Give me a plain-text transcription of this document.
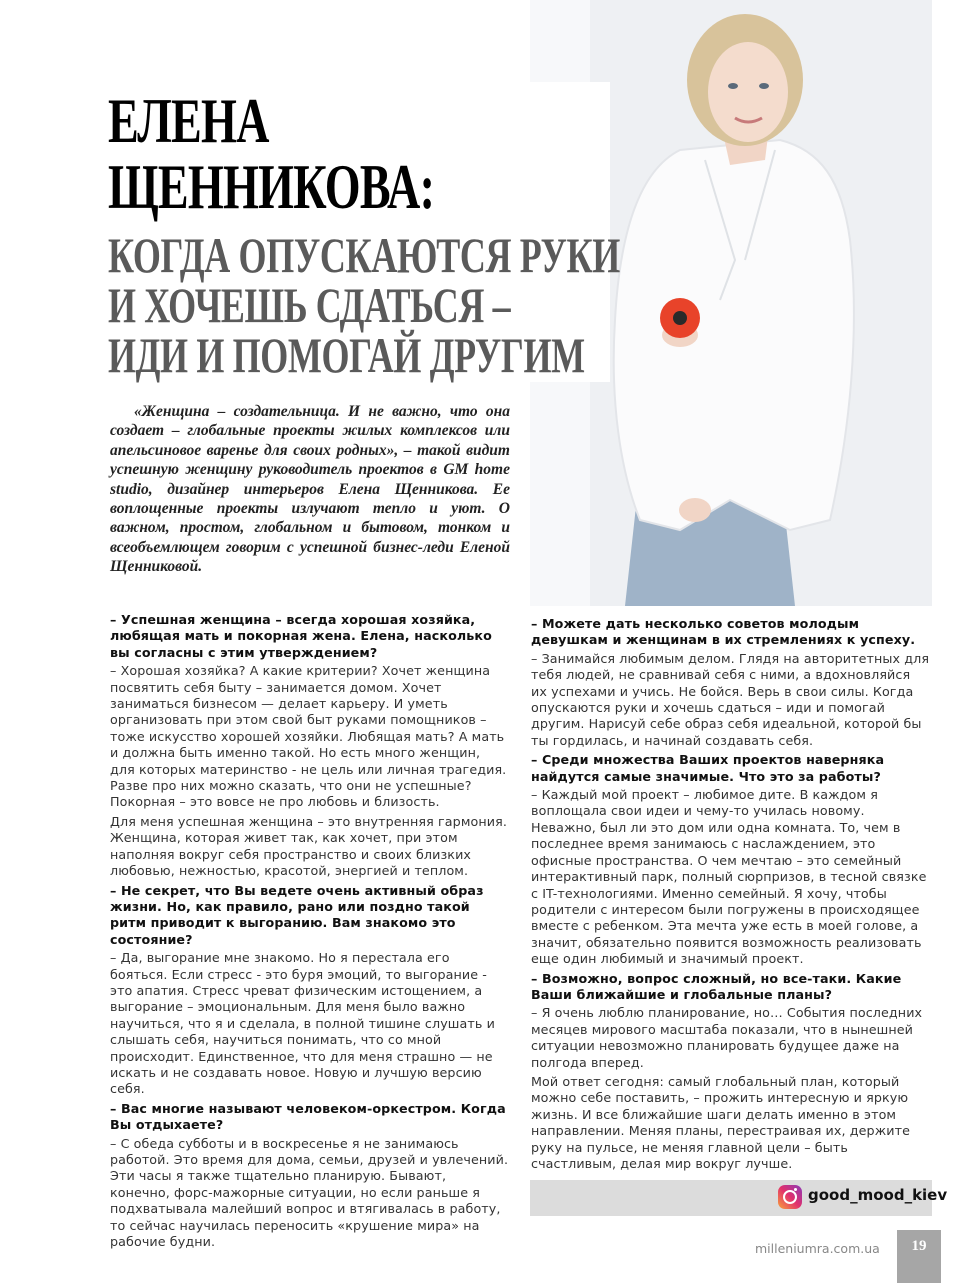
ЕЛЕНА
ЩЕННИКОВА:
КОГДА ОПУСКАЮТСЯ РУКИ
И ХОЧЕШЬ СДАТЬСЯ –
ИДИ И ПОМОГАЙ ДРУГИМ

«Женщина – создательница. И не важно, что она создает – глобальные проекты жилых комплексов или апельсиновое варенье для своих родных», – такой видит успешную женщину руководитель проектов в GM home studio, дизайнер интерьеров Елена Щенникова. Ее воплощенные проекты излучают тепло и уют. О важном, простом, глобальном и бытовом, тонком и всеобъемлющем говорим с успешной бизнес-леди Еленой Щенниковой.

– Успешная женщина – всегда хорошая хозяйка, любящая мать и покорная жена. Елена, насколько вы согласны с этим утверждением?

– Хорошая хозяйка? А какие критерии? Хочет женщина посвятить себя быту – занимается домом. Хочет заниматься бизнесом — делает карьеру. И уметь организовать при этом свой быт руками помощников – тоже искусство хорошей хозяйки. Любящая мать? А мать и должна быть именно такой. Но есть много женщин, для которых материнство - не цель или личная трагедия. Разве про них можно сказать, что они не успешные? Покорная – это вовсе не про любовь и близость.

Для меня успешная женщина – это внутренняя гармония. Женщина, которая живет так, как хочет, при этом наполняя вокруг себя пространство и своих близких любовью, нежностью, красотой, энергией и теплом.

– Не секрет, что Вы ведете очень активный образ жизни. Но, как правило, рано или поздно такой ритм приводит к выгоранию. Вам знакомо это состояние?

– Да, выгорание мне знакомо. Но я перестала его бояться. Если стресс - это буря эмоций, то выгорание - это апатия. Стресс чреват физическим истощением, а выгорание – эмоциональным. Для меня было важно научиться, что я и сделала, в полной тишине слушать и слышать себя, научиться понимать, что со мной происходит. Единственное, что для меня страшно — не искать и не создавать новое. Новую и лучшую версию себя.

– Вас многие называют человеком-оркестром. Когда Вы отдыхаете?

– С обеда субботы и в воскресенье я не занимаюсь работой. Это время для дома, семьи, друзей и увлечений. Эти часы я также тщательно планирую. Бывают, конечно, форс-мажорные ситуации, но если раньше я подхватывала малейший вопрос и втягивалась в работу, то сейчас научилась переносить «крушение мира» на рабочие будни.

– Можете дать несколько советов молодым девушкам и женщинам в их стремлениях к успеху.

– Занимайся любимым делом. Глядя на авторитетных для тебя людей, не сравнивай себя с ними, а вдохновляйся их успехами и учись. Не бойся. Верь в свои силы. Когда опускаются руки и хочешь сдаться – иди и помогай другим. Нарисуй себе образ себя идеальной, которой бы ты гордилась, и начинай создавать себя.

– Среди множества Ваших проектов наверняка найдутся самые значимые. Что это за работы?

– Каждый мой проект – любимое дите. В каждом я воплощала свои идеи и чему-то училась новому. Неважно, был ли это дом или одна комната. То, чем в последнее время занимаюсь с наслаждением, это офисные пространства. О чем мечтаю – это семейный интерактивный парк, полный сюрпризов, в тесной связке с IT-технологиями. Именно семейный. Я хочу, чтобы родители с интересом были погружены в происходящее вместе с ребенком. Эта мечта уже есть в моей голове, а значит, обязательно появится возможность реализовать еще один любимый и значимый проект.

– Возможно, вопрос сложный, но все-таки. Какие Ваши ближайшие и глобальные планы?

– Я очень люблю планирование, но… События последних месяцев мирового масштаба показали, что в нынешней ситуации невозможно планировать будущее даже на полгода вперед.

Мой ответ сегодня: самый глобальный план, который можно себе поставить, – прожить интересную и яркую жизнь. И все ближайшие шаги делать именно в этом направлении. Меняя планы, перестраивая их, держите руку на пульсе, не меняя главной цели – быть счастливым, делая мир вокруг лучше.

good_mood_kiev
milleniumra.com.ua	19
